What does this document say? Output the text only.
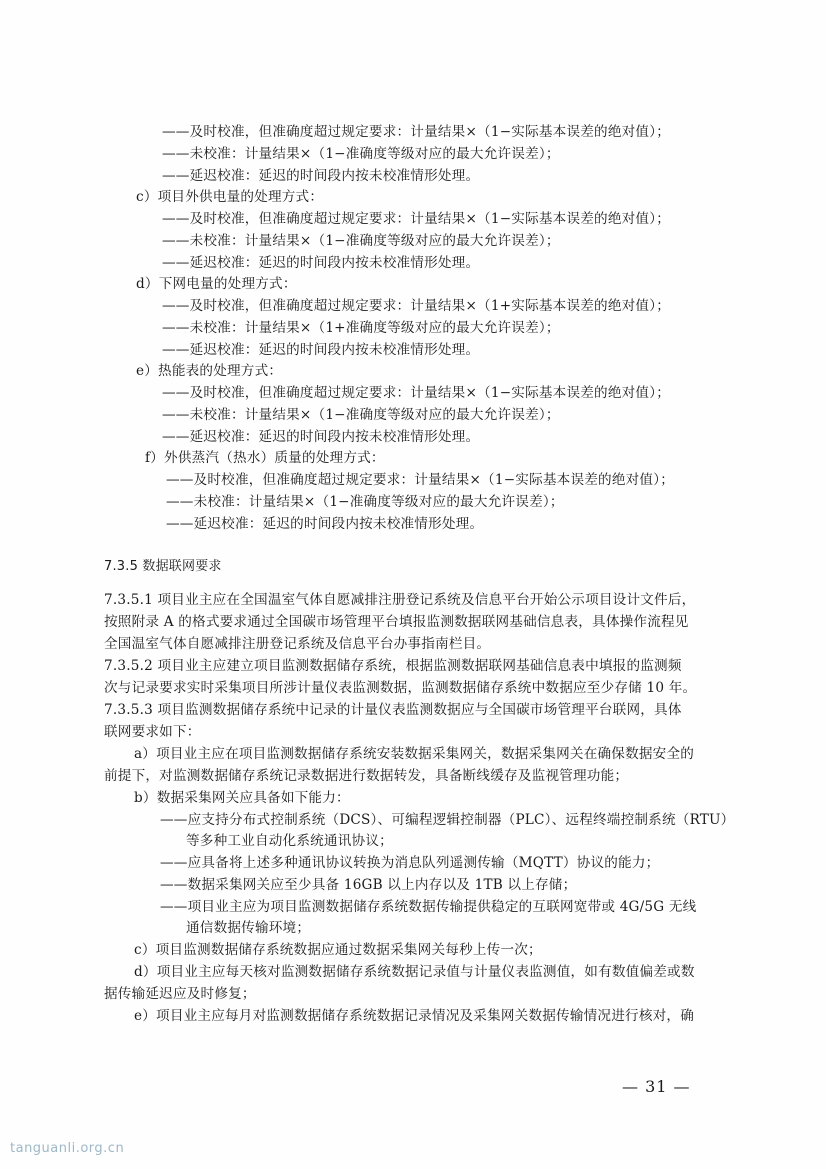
——及时校准，但准确度超过规定要求：计量结果×（1−实际基本误差的绝对值）；
——未校准：计量结果×（1−准确度等级对应的最大允许误差）；
——延迟校准：延迟的时间段内按未校准情形处理。
c）项目外供电量的处理方式：
——及时校准，但准确度超过规定要求：计量结果×（1−实际基本误差的绝对值）；
——未校准：计量结果×（1−准确度等级对应的最大允许误差）；
——延迟校准：延迟的时间段内按未校准情形处理。
d）下网电量的处理方式：
——及时校准，但准确度超过规定要求：计量结果×（1+实际基本误差的绝对值）；
——未校准：计量结果×（1+准确度等级对应的最大允许误差）；
——延迟校准：延迟的时间段内按未校准情形处理。
e）热能表的处理方式：
——及时校准，但准确度超过规定要求：计量结果×（1−实际基本误差的绝对值）；
——未校准：计量结果×（1−准确度等级对应的最大允许误差）；
——延迟校准：延迟的时间段内按未校准情形处理。
f）外供蒸汽（热水）质量的处理方式：
——及时校准，但准确度超过规定要求：计量结果×（1−实际基本误差的绝对值）；
——未校准：计量结果×（1−准确度等级对应的最大允许误差）；
——延迟校准：延迟的时间段内按未校准情形处理。
7.3.5 数据联网要求
7.3.5.1 项目业主应在全国温室气体自愿减排注册登记系统及信息平台开始公示项目设计文件后，
按照附录 A 的格式要求通过全国碳市场管理平台填报监测数据联网基础信息表，具体操作流程见
全国温室气体自愿减排注册登记系统及信息平台办事指南栏目。
7.3.5.2 项目业主应建立项目监测数据储存系统，根据监测数据联网基础信息表中填报的监测频
次与记录要求实时采集项目所涉计量仪表监测数据，监测数据储存系统中数据应至少存储 10 年。
7.3.5.3 项目监测数据储存系统中记录的计量仪表监测数据应与全国碳市场管理平台联网，具体
联网要求如下：
a）项目业主应在项目监测数据储存系统安装数据采集网关，数据采集网关在确保数据安全的
前提下，对监测数据储存系统记录数据进行数据转发，具备断线缓存及监视管理功能；
b）数据采集网关应具备如下能力：
——应支持分布式控制系统（DCS）、可编程逻辑控制器（PLC）、远程终端控制系统（RTU）
等多种工业自动化系统通讯协议；
——应具备将上述多种通讯协议转换为消息队列遥测传输（MQTT）协议的能力；
——数据采集网关应至少具备 16GB 以上内存以及 1TB 以上存储；
——项目业主应为项目监测数据储存系统数据传输提供稳定的互联网宽带或 4G/5G 无线
通信数据传输环境；
c）项目监测数据储存系统数据应通过数据采集网关每秒上传一次；
d）项目业主应每天核对监测数据储存系统数据记录值与计量仪表监测值，如有数值偏差或数
据传输延迟应及时修复；
e）项目业主应每月对监测数据储存系统数据记录情况及采集网关数据传输情况进行核对，确
— 31 —
tanguanli.org.cn
